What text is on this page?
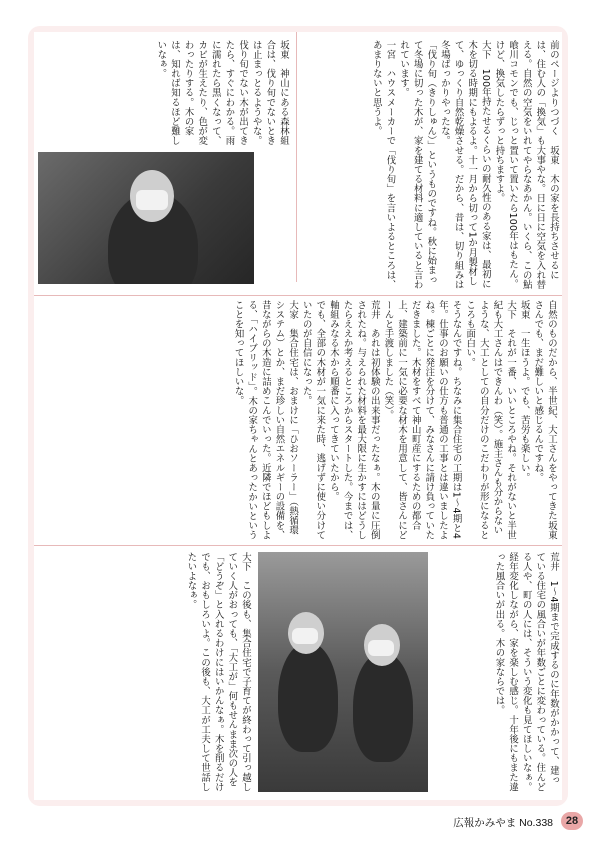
前のページよりつづく　坂東　木の家を長持ちさせるには、住む人の「換気」も大事やな。日に日に空気を入れ替える。自然の空気をいれてやらなあかん。いくら、この鮎喰川コモンでも、じっと置いて置いたら100年はもたん。けど、換気したらずっと持ちますよ。
大下　100年持たせるくらいの耐久性のある家は、最初に木を切る時期にもよるよ。十一月から切って1か月製材して、ゆっくり自然乾燥させる。だから、昔は、切り組みは冬場ばっかりやったな。
「伐り旬（きりしゅん）」というものですね。秋に始まって冬場に切った木が、家を建てる材料に適していると言われています。
一宮　ハウスメーカーで「伐り旬」を言いよるところは、あまりないと思うよ。
坂東　神山にある森林組合は、伐り旬でないときは止まっとるようやな。伐り旬でない木が出てきたら、すぐにわかる。雨に濡れたら黒くなって、カビが生えたり、色が変わったりする。木の家は、知れば知るほど難しいなぁ。
自然のものだから、半世紀、大工さんをやってきた坂東さんでも、まだ難しいと感じるんですね。
坂東　一生ほうよ。でも、苦労も楽しい。
大下　それが一番、いいところやね。それがないと半世紀も大工さんはできんわ（笑）。施主さんも分からないような、大工としての自分だけのこだわりが形になるところも面白い。
そうなんですね。ちなみに集合住宅の工期は1～4期と4年。仕事のお願いの仕方も普通の工事とは違いましたよね。棟ごとに発注を分けて、みなさんに請け負っていただきました。木材をすべて神山町産にするための都合上、建築前に一気に必要な材木を用意して、皆さんにどーんと手渡しました（笑）。
荒井　あれは初体験の出来事だったなぁ。木の量に圧倒されたね。与えられた材料を最大限に生かすにはどうしたらええか考えるところからスタートした。今までは、軸組みなる木から順番に入ってきていたから。
でも、全部の木材が一気に来た時、逃げずに使い分けていたのが自信になった。
大家　集合住宅は、おまけに「ひおソーラー」（熱循環システム）とか、まだ珍しい自然エネルギーの設備を、昔ながらの木造に詰めこんでいった。近隣でほどもしよる、「ハイブリッド」。木の家ちゃんとあったかいということを知ってほしいな。
荒井　1～4期まで完成するのに年数がかかって、建っている住宅の風合いが年数ごとに変わっている。住んどる人や、町の人には、そういう変化も見てほしいなぁ。経年変化しながら、家を楽しむ感じ。十年後にもまた違った風合いが出る。木の家ならでは。
大下　この後も、集合住宅で子育てが終わって引っ越していく人がおっても、「大工が」何もせんまま次の人を「どうぞ」と入れるわけにはいかんなぁ。木を削るだけでも、おもしろいよ。この後も、大工が工夫して世話したいよなぁ。
広報かみやま No.338	28
